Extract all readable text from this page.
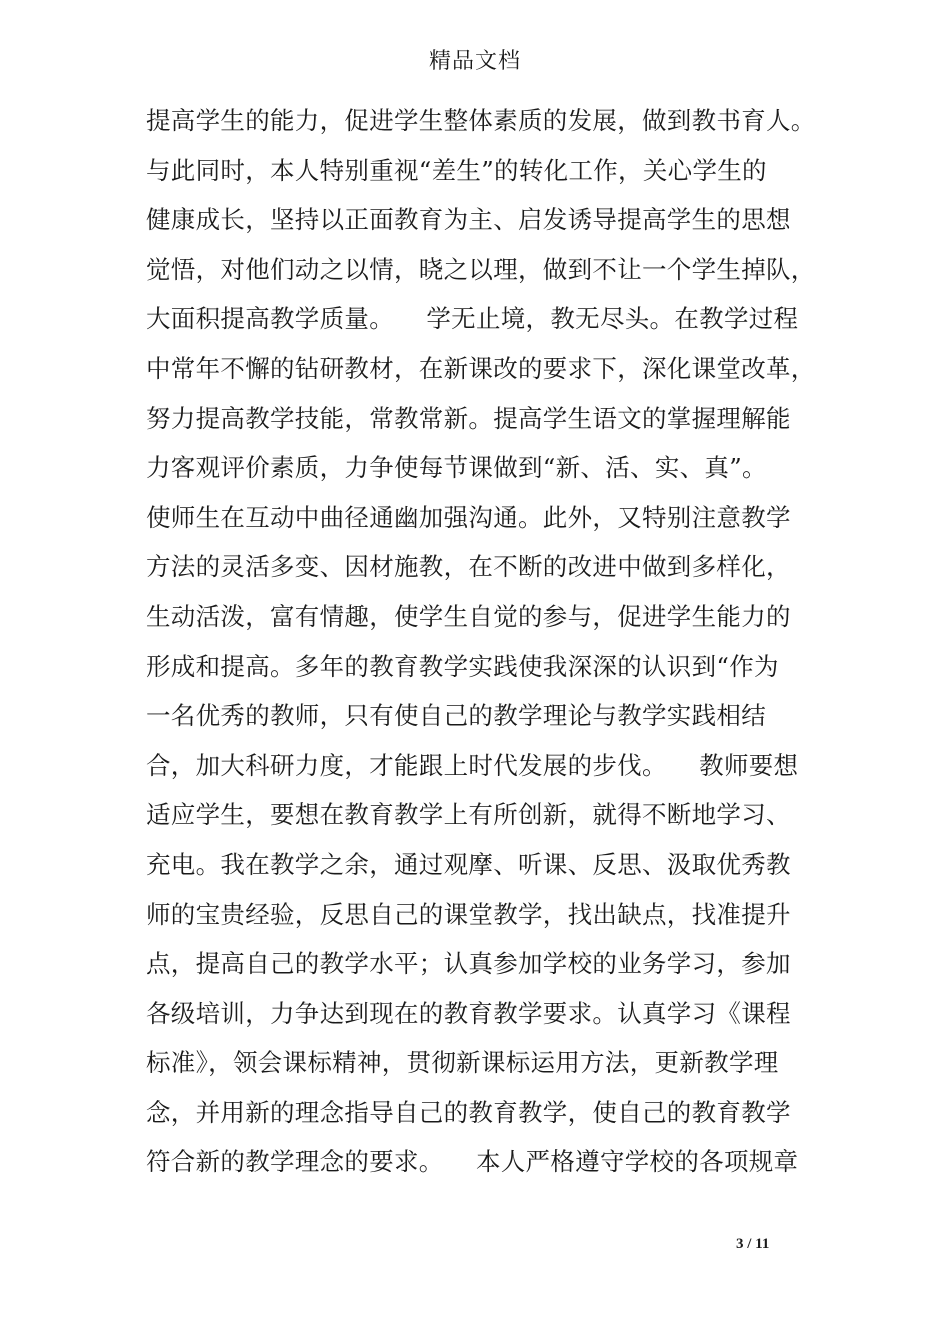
精品文档
提高学生的能力，促进学生整体素质的发展，做到教书育人。
与此同时，本人特别重视“差生”的转化工作，关心学生的
健康成长，坚持以正面教育为主、启发诱导提高学生的思想
觉悟，对他们动之以情，晓之以理，做到不让一个学生掉队，
大面积提高教学质量。    学无止境，教无尽头。在教学过程
中常年不懈的钻研教材，在新课改的要求下，深化课堂改革，
努力提高教学技能，常教常新。提高学生语文的掌握理解能
力客观评价素质，力争使每节课做到“新、活、实、真”。
使师生在互动中曲径通幽加强沟通。此外，又特别注意教学
方法的灵活多变、因材施教，在不断的改进中做到多样化，
生动活泼，富有情趣，使学生自觉的参与，促进学生能力的
形成和提高。多年的教育教学实践使我深深的认识到“作为
一名优秀的教师，只有使自己的教学理论与教学实践相结
合，加大科研力度，才能跟上时代发展的步伐。    教师要想
适应学生，要想在教育教学上有所创新，就得不断地学习、
充电。我在教学之余，通过观摩、听课、反思、汲取优秀教
师的宝贵经验，反思自己的课堂教学，找出缺点，找准提升
点，提高自己的教学水平；认真参加学校的业务学习，参加
各级培训，力争达到现在的教育教学要求。认真学习《课程
标准》，领会课标精神，贯彻新课标运用方法，更新教学理
念，并用新的理念指导自己的教育教学，使自己的教育教学
符合新的教学理念的要求。    本人严格遵守学校的各项规章
3 / 11
